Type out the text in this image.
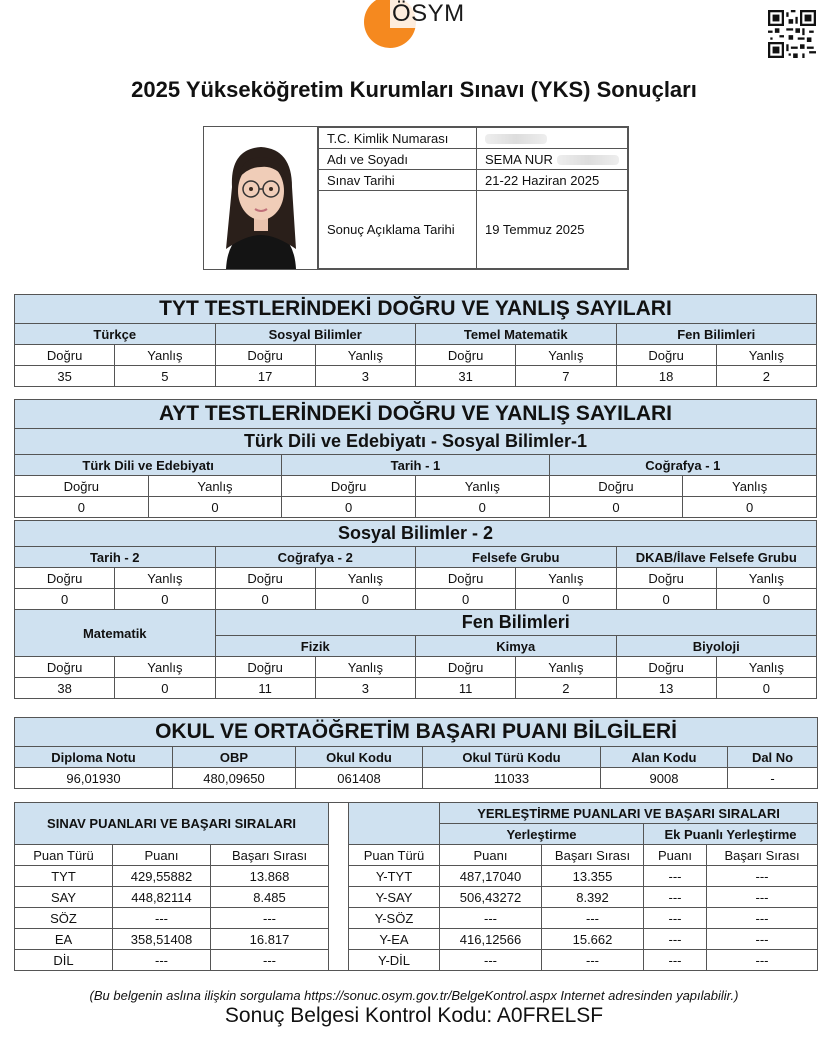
ÖSYM
2025 Yükseköğretim Kurumları Sınavı (YKS) Sonuçları
T.C. Kimlik Numarası	
Adı ve Soyadı	SEMA NUR
Sınav Tarihi	21-22 Haziran 2025
Sonuç Açıklama Tarihi	19 Temmuz 2025
TYT TESTLERİNDEKİ DOĞRU VE YANLIŞ SAYILARI							
Türkçe		Sosyal Bilimler		Temel Matematik		Fen Bilimleri	
Doğru	Yanlış	Doğru	Yanlış	Doğru	Yanlış	Doğru	Yanlış
35	5	17	3	31	7	18	2
AYT TESTLERİNDEKİ DOĞRU VE YANLIŞ SAYILARI					
Türk Dili ve Edebiyatı - Sosyal Bilimler-1					
Türk Dili ve Edebiyatı		Tarih - 1		Coğrafya - 1	
Doğru	Yanlış	Doğru	Yanlış	Doğru	Yanlış
0	0	0	0	0	0
Sosyal Bilimler - 2							
Tarih - 2		Coğrafya - 2		Felsefe Grubu		DKAB/İlave Felsefe Grubu	
Doğru	Yanlış	Doğru	Yanlış	Doğru	Yanlış	Doğru	Yanlış
0	0	0	0	0	0	0	0
Matematik		Fen Bilimleri					
		Fizik		Kimya		Biyoloji	
Doğru	Yanlış	Doğru	Yanlış	Doğru	Yanlış	Doğru	Yanlış
38	0	11	3	11	2	13	0
OKUL VE ORTAÖĞRETİM BAŞARI PUANI BİLGİLERİ					
Diploma Notu	OBP	Okul Kodu	Okul Türü Kodu	Alan Kodu	Dal No
96,01930	480,09650	061408	11033	9008	-
SINAV PUANLARI VE BAŞARI SIRALARI		
Puan Türü	Puanı	Başarı Sırası
TYT	429,55882	13.868
SAY	448,82114	8.485
SÖZ	---	---
EA	358,51408	16.817
DİL	---	---
	YERLEŞTİRME PUANLARI VE BAŞARI SIRALARI			
	Yerleştirme		Ek Puanlı Yerleştirme	
Puan Türü	Puanı	Başarı Sırası	Puanı	Başarı Sırası
Y-TYT	487,17040	13.355	---	---
Y-SAY	506,43272	8.392	---	---
Y-SÖZ	---	---	---	---
Y-EA	416,12566	15.662	---	---
Y-DİL	---	---	---	---
(Bu belgenin aslına ilişkin sorgulama https://sonuc.osym.gov.tr/BelgeKontrol.aspx Internet adresinden yapılabilir.)
Sonuç Belgesi Kontrol Kodu: A0FRELSF
